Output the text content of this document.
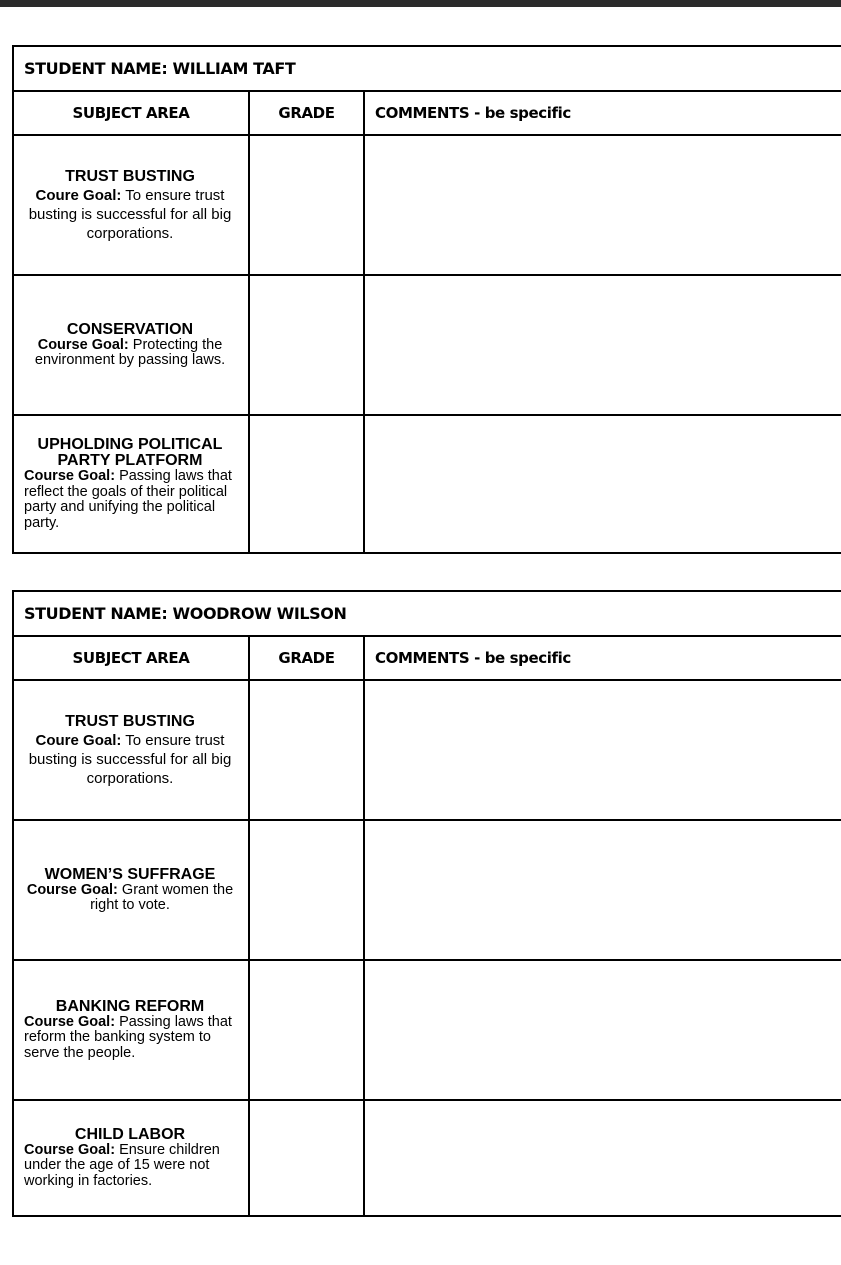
STUDENT NAME: WILLIAM TAFT
SUBJECT AREA	GRADE	COMMENTS - be specific
TRUST BUSTING
Coure Goal: To ensure trust busting is successful for all big corporations.
CONSERVATION
Course Goal: Protecting the environment by passing laws.
UPHOLDING POLITICAL PARTY PLATFORM
Course Goal: Passing laws that reflect the goals of their political party and unifying the political party.
STUDENT NAME: WOODROW WILSON
SUBJECT AREA	GRADE	COMMENTS - be specific
TRUST BUSTING
Coure Goal: To ensure trust busting is successful for all big corporations.
WOMEN’S SUFFRAGE
Course Goal: Grant women the right to vote.
BANKING REFORM
Course Goal: Passing laws that reform the banking system to serve the people.
CHILD LABOR
Course Goal: Ensure children under the age of 15 were not working in factories.
